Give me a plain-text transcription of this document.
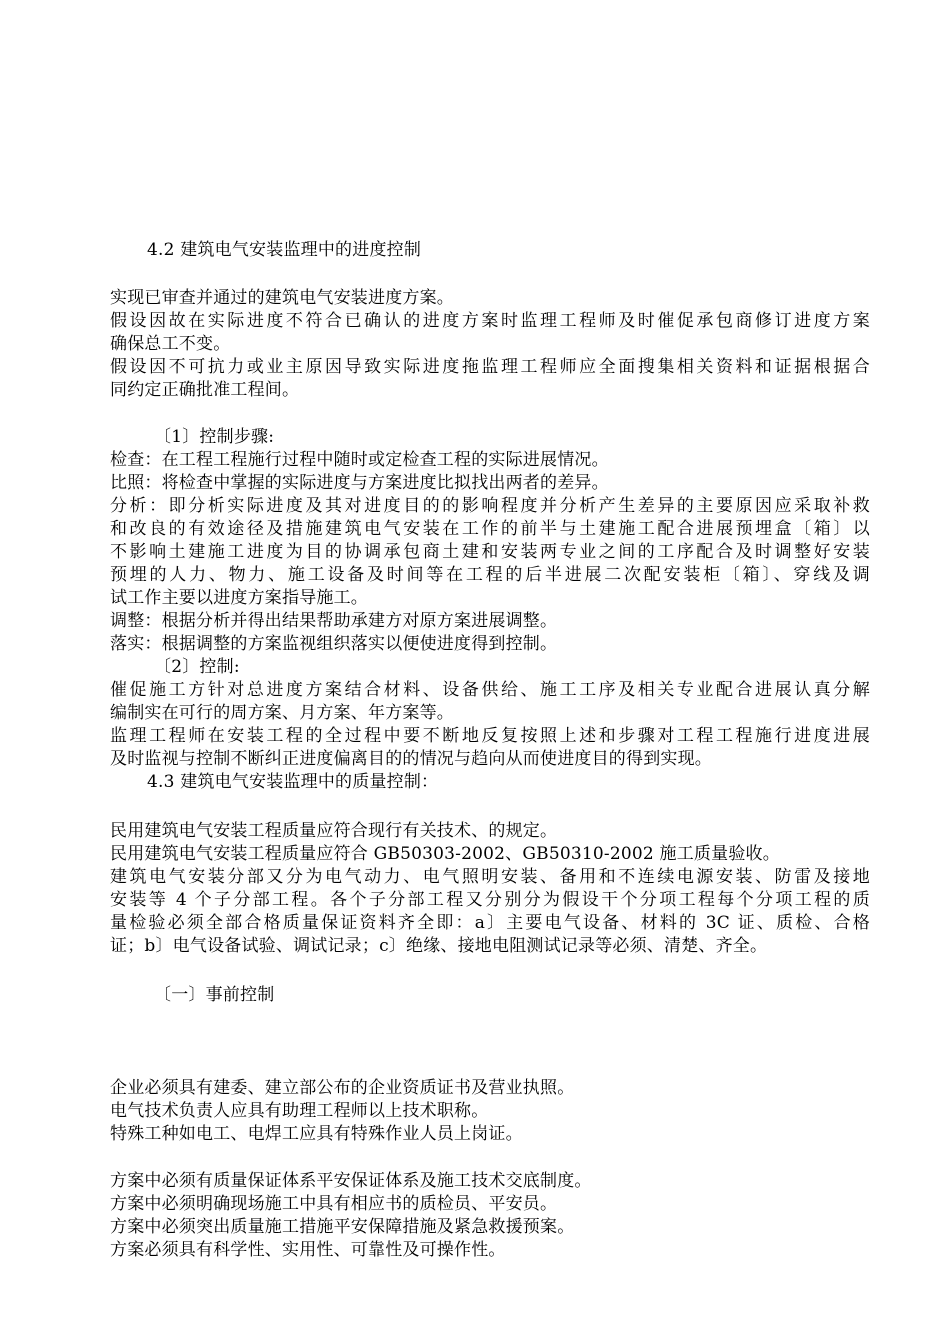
4.2 建筑电气安装监理中的进度控制
实现已审查并通过的建筑电气安装进度方案。
假设因故在实际进度不符合已确认的进度方案时监理工程师及时催促承包商修订进度方案
确保总工不变。
假设因不可抗力或业主原因导致实际进度拖监理工程师应全面搜集相关资料和证据根据合
同约定正确批准工程间。
〔1〕控制步骤:
检查：在工程工程施行过程中随时或定检查工程的实际进展情况。
比照：将检查中掌握的实际进度与方案进度比拟找出两者的差异。
分析：即分析实际进度及其对进度目的的影响程度并分析产生差异的主要原因应采取补救
和改良的有效途径及措施建筑电气安装在工作的前半与土建施工配合进展预埋盒〔箱〕以
不影响土建施工进度为目的协调承包商土建和安装两专业之间的工序配合及时调整好安装
预埋的人力、物力、施工设备及时间等在工程的后半进展二次配安装柜〔箱〕、穿线及调
试工作主要以进度方案指导施工。
调整：根据分析并得出结果帮助承建方对原方案进展调整。
落实：根据调整的方案监视组织落实以便使进度得到控制。
〔2〕控制:
催促施工方针对总进度方案结合材料、设备供给、施工工序及相关专业配合进展认真分解
编制实在可行的周方案、月方案、年方案等。
监理工程师在安装工程的全过程中要不断地反复按照上述和步骤对工程工程施行进度进展
及时监视与控制不断纠正进度偏离目的的情况与趋向从而使进度目的得到实现。
4.3 建筑电气安装监理中的质量控制：
民用建筑电气安装工程质量应符合现行有关技术、的规定。
民用建筑电气安装工程质量应符合 GB50303-2002、GB50310-2002 施工质量验收。
建筑电气安装分部又分为电气动力、电气照明安装、备用和不连续电源安装、防雷及接地
安装等 4 个子分部工程。各个子分部工程又分别分为假设干个分项工程每个分项工程的质
量检验必须全部合格质量保证资料齐全即：a〕主要电气设备、材料的 3C 证、质检、合格
证；b〕电气设备试验、调试记录；c〕绝缘、接地电阻测试记录等必须、清楚、齐全。
〔一〕事前控制
企业必须具有建委、建立部公布的企业资质证书及营业执照。
电气技术负责人应具有助理工程师以上技术职称。
特殊工种如电工、电焊工应具有特殊作业人员上岗证。
方案中必须有质量保证体系平安保证体系及施工技术交底制度。
方案中必须明确现场施工中具有相应书的质检员、平安员。
方案中必须突出质量施工措施平安保障措施及紧急救援预案。
方案必须具有科学性、实用性、可靠性及可操作性。
